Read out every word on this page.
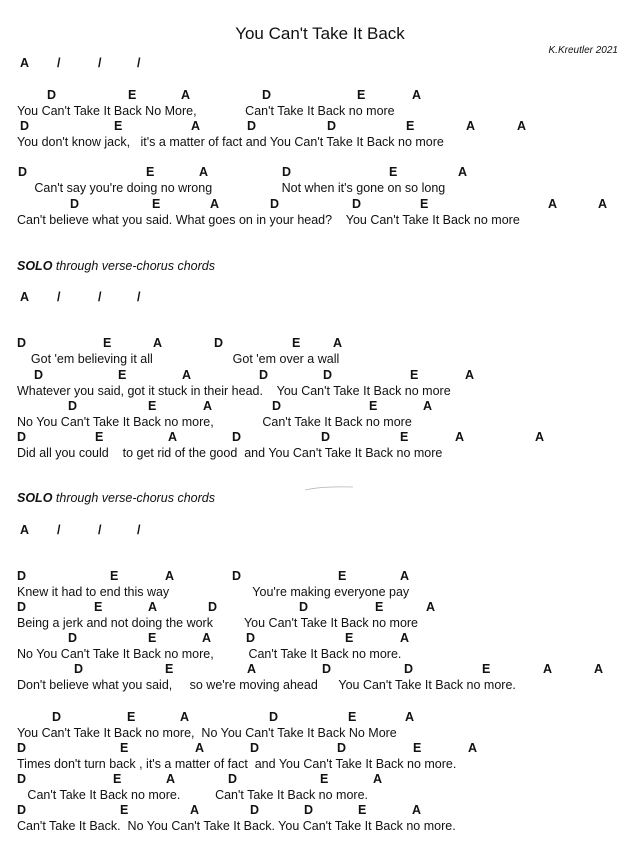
You Can't Take It Back
K.Kreutler 2021
A /	/	/
D	E	A	D	E	A
You Can't Take It Back No More,              Can't Take It Back no more
D	E	A	D	D	E	A	A
You don't know jack,   it's a matter of fact and You Can't Take It Back no more
D	E	A	D	E	A
Can't say you're doing no wrong                    Not when it's gone on so long
D	E	A	D	D	E	A	A
Can't believe what you said. What goes on in your head?    You Can't Take It Back no more
SOLO through verse-chorus chords
A /	/	/
D	E	A	D	E	A
Got 'em believing it all                       Got 'em over a wall
D	E	A	D	D	E	A
Whatever you said, got it stuck in their head.    You Can't Take It Back no more
D	E	A	D	E	A
No You Can't Take It Back no more,              Can't Take It Back no more
D	E	A	D	D	E	A	A
Did all you could    to get rid of the good  and You Can't Take It Back no more
SOLO through verse-chorus chords
A /	/	/
D	E	A	D	E	A
Knew it had to end this way                        You're making everyone pay
D	E	A	D	D	E	A
Being a jerk and not doing the work         You Can't Take It Back no more
D	E	A	D	E	A
No You Can't Take It Back no more,          Can't Take It Back no more.
D	E	A	D	D	E	A	A
Don't believe what you said,     so we're moving ahead      You Can't Take It Back no more.
D	E	A	D	E	A
You Can't Take It Back no more,  No You Can't Take It Back No More
D	E	A	D	D	E	A
Times don't turn back , it's a matter of fact  and You Can't Take It Back no more.
D	E	A	D	E	A
Can't Take It Back no more.          Can't Take It Back no more.
D	E	A	D	D	E	A
Can't Take It Back.  No You Can't Take It Back. You Can't Take It Back no more.
